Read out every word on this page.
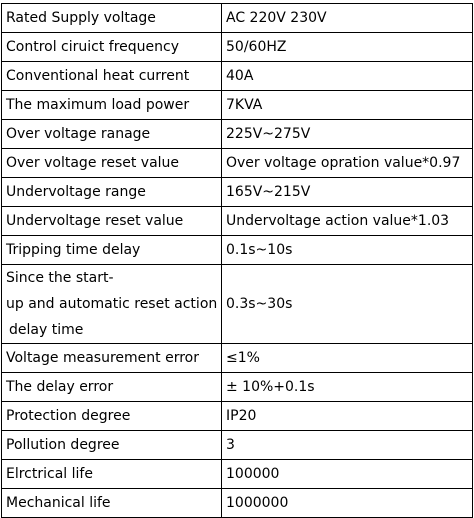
Rated Supply voltage	AC 220V 230V
Control ciruict frequency	50/60HZ
Conventional heat current	40A
The maximum load power	7KVA
Over voltage ranage	225V~275V
Over voltage reset value	Over voltage opration value*0.97
Undervoltage range	165V~215V
Undervoltage reset value	Undervoltage action value*1.03
Tripping time delay	0.1s~10s

Since the start-
up and automatic reset action
delay time	0.3s~30s
Voltage measurement error	≤1%
The delay error	± 10%+0.1s
Protection degree	IP20
Pollution degree	3
Elrctrical life	100000
Mechanical life	1000000
